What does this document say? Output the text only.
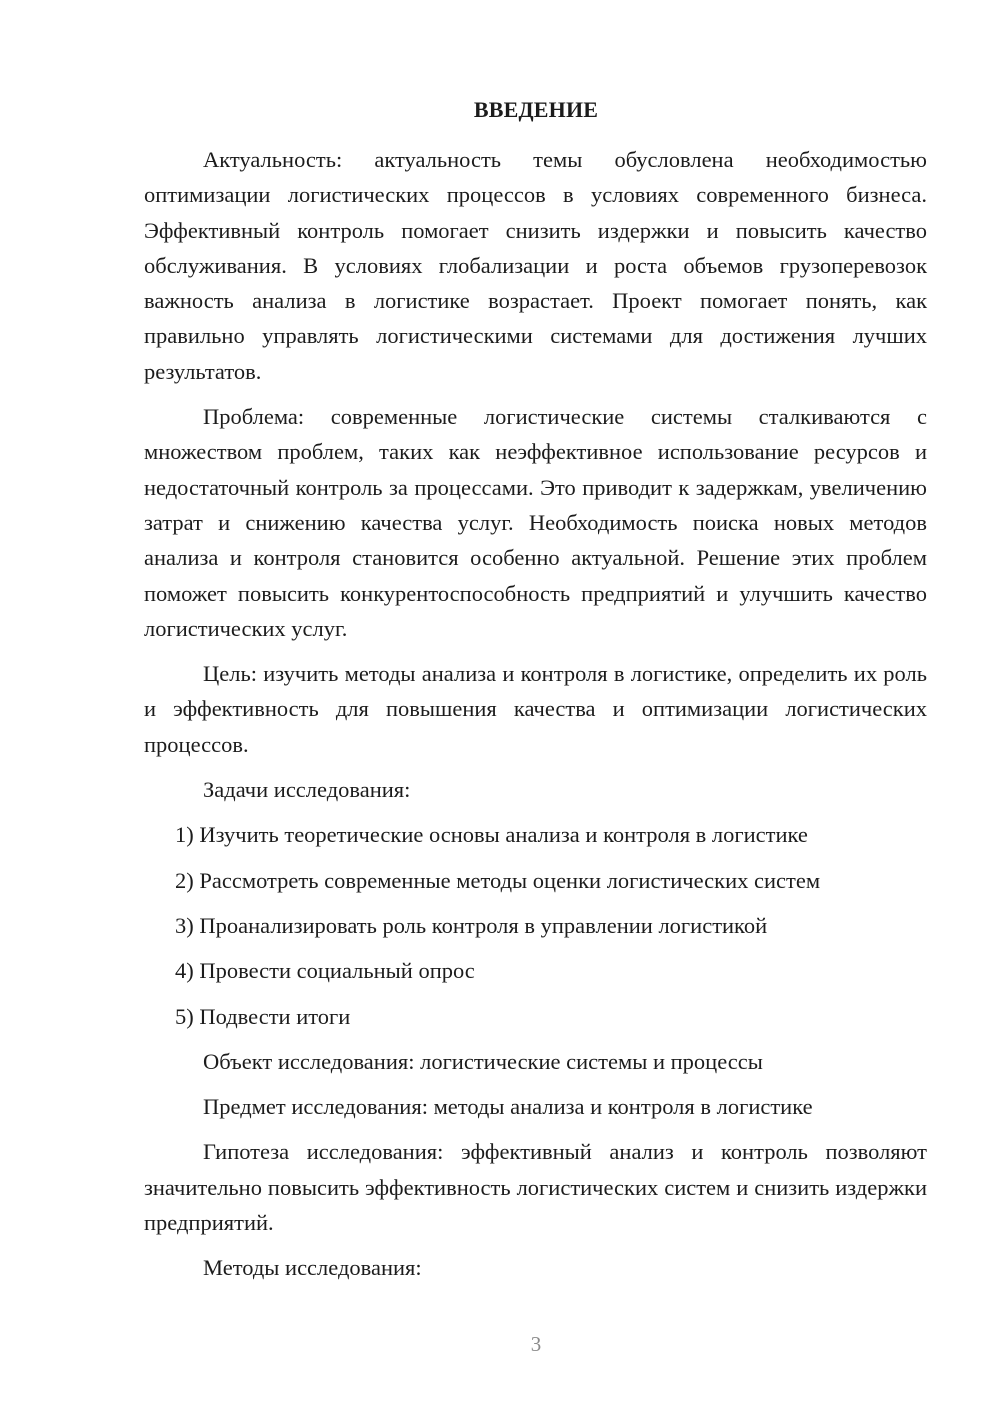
ВВЕДЕНИЕ

Актуальность: актуальность темы обусловлена необходимостью оптимизации логистических процессов в условиях современного бизнеса. Эффективный контроль помогает снизить издержки и повысить качество обслуживания. В условиях глобализации и роста объемов грузоперевозок важность анализа в логистике возрастает. Проект помогает понять, как правильно управлять логистическими системами для достижения лучших результатов.

Проблема: современные логистические системы сталкиваются с множеством проблем, таких как неэффективное использование ресурсов и недостаточный контроль за процессами. Это приводит к задержкам, увеличению затрат и снижению качества услуг. Необходимость поиска новых методов анализа и контроля становится особенно актуальной. Решение этих проблем поможет повысить конкурентоспособность предприятий и улучшить качество логистических услуг.

Цель: изучить методы анализа и контроля в логистике, определить их роль и эффективность для повышения качества и оптимизации логистических процессов.

Задачи исследования:

1) Изучить теоретические основы анализа и контроля в логистике
2) Рассмотреть современные методы оценки логистических систем
3) Проанализировать роль контроля в управлении логистикой
4) Провести социальный опрос
5) Подвести итоги

Объект исследования: логистические системы и процессы

Предмет исследования: методы анализа и контроля в логистике

Гипотеза исследования: эффективный анализ и контроль позволяют значительно повысить эффективность логистических систем и снизить издержки предприятий.

Методы исследования:

3
